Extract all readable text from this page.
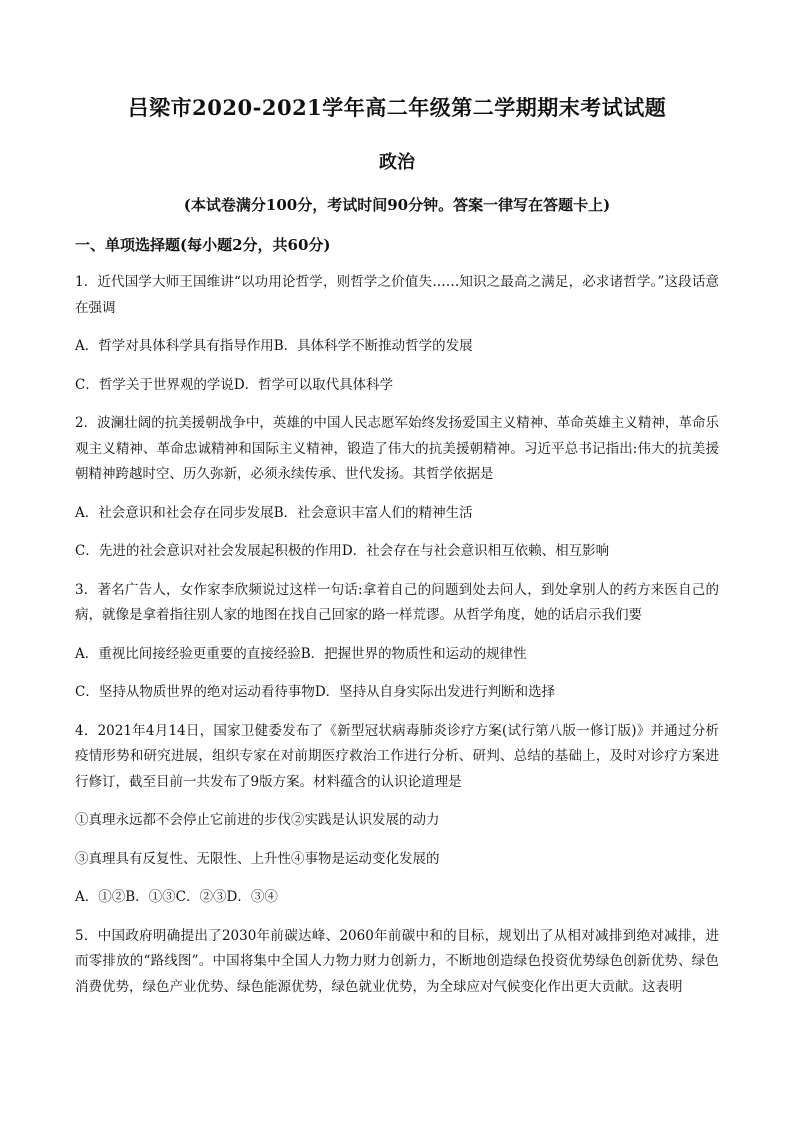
吕梁市2020-2021学年高二年级第二学期期末考试试题
政治
(本试卷满分100分，考试时间90分钟。答案一律写在答题卡上)
一、单项选择题(每小题2分，共60分)
1．近代国学大师王国维讲“以功用论哲学，则哲学之价值失……知识之最高之满足，必求诸哲学。”这段话意在强调
A．哲学对具体科学具有指导作用B．具体科学不断推动哲学的发展
C．哲学关于世界观的学说D．哲学可以取代具体科学
2．波澜壮阔的抗美援朝战争中，英雄的中国人民志愿军始终发扬爱国主义精神、革命英雄主义精神，革命乐观主义精神、革命忠诚精神和国际主义精神，锻造了伟大的抗美援朝精神。习近平总书记指出:伟大的抗美援朝精神跨越时空、历久弥新，必须永续传承、世代发扬。其哲学依据是
A．社会意识和社会存在同步发展B．社会意识丰富人们的精神生活
C．先进的社会意识对社会发展起积极的作用D．社会存在与社会意识相互依赖、相互影响
3．著名广告人，女作家李欣频说过这样一句话:拿着自己的问题到处去问人，到处拿别人的药方来医自己的病，就像是拿着指往别人家的地图在找自己回家的路一样荒谬。从哲学角度，她的话启示我们要
A．重视比间接经验更重要的直接经验B．把握世界的物质性和运动的规律性
C．坚持从物质世界的绝对运动看待事物D．坚持从自身实际出发进行判断和选择
4．2021年4月14日，国家卫健委发布了《新型冠状病毒肺炎诊疗方案(试行第八版一修订版)》并通过分析疫情形势和研究进展，组织专家在对前期医疗救治工作进行分析、研判、总结的基础上，及时对诊疗方案进行修订，截至目前一共发布了9版方案。材料蕴含的认识论道理是
①真理永远都不会停止它前进的步伐②实践是认识发展的动力
③真理具有反复性、无限性、上升性④事物是运动变化发展的
A．①②B．①③C．②③D．③④
5．中国政府明确提出了2030年前碳达峰、2060年前碳中和的目标，规划出了从相对减排到绝对减排，进而零排放的“路线图”。中国将集中全国人力物力财力创新力，不断地创造绿色投资优势绿色创新优势、绿色消费优势，绿色产业优势、绿色能源优势，绿色就业优势，为全球应对气候变化作出更大贡献。这表明
